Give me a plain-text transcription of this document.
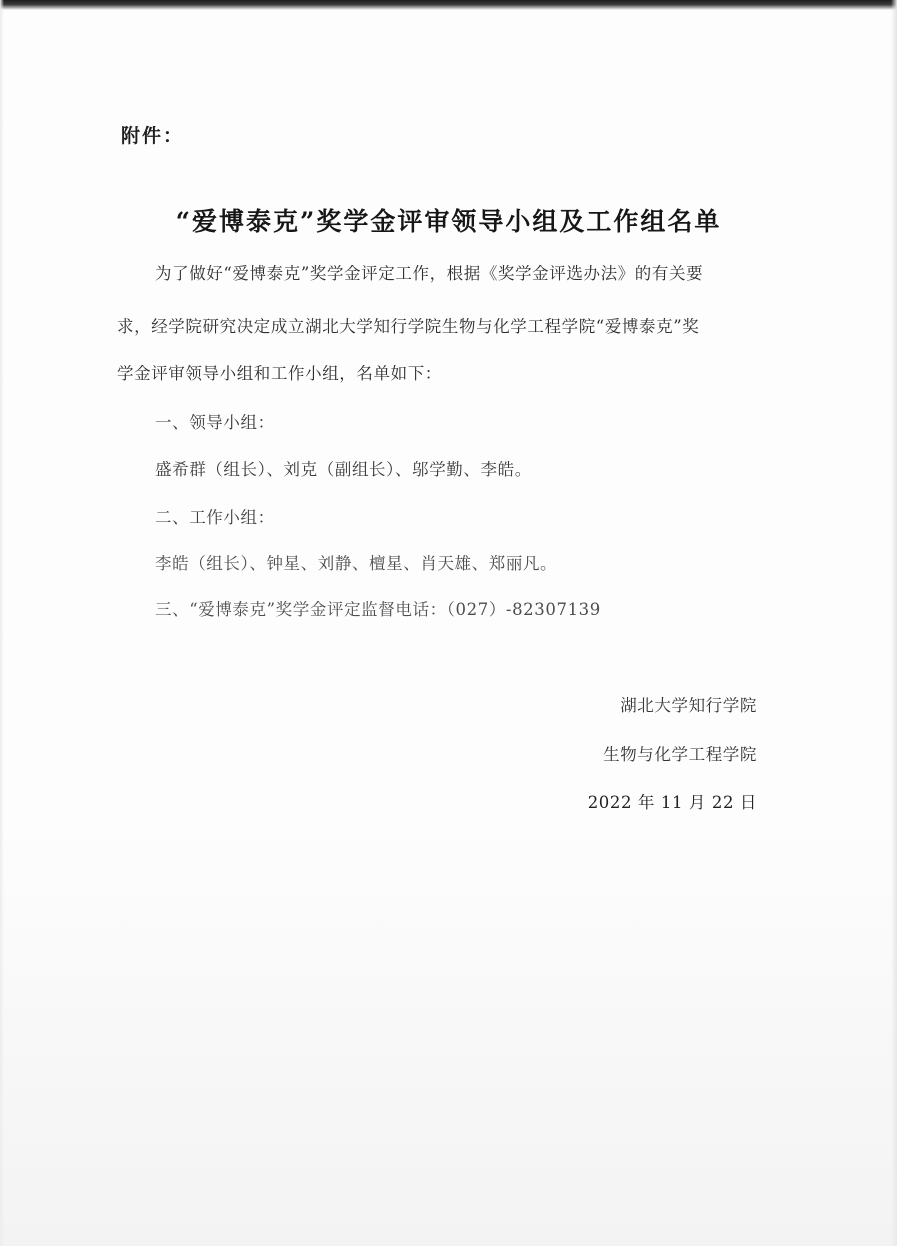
附件：
“爱博泰克”奖学金评审领导小组及工作组名单
为了做好“爱博泰克”奖学金评定工作，根据《奖学金评选办法》的有关要
求，经学院研究决定成立湖北大学知行学院生物与化学工程学院“爱博泰克”奖
学金评审领导小组和工作小组，名单如下：
一、领导小组：
盛希群（组长）、刘克（副组长）、邬学勤、李皓。
二、工作小组：
李皓（组长）、钟星、刘静、檀星、肖天雄、郑丽凡。
三、“爱博泰克”奖学金评定监督电话：（027）-82307139
湖北大学知行学院
生物与化学工程学院
2022 年 11 月 22 日
